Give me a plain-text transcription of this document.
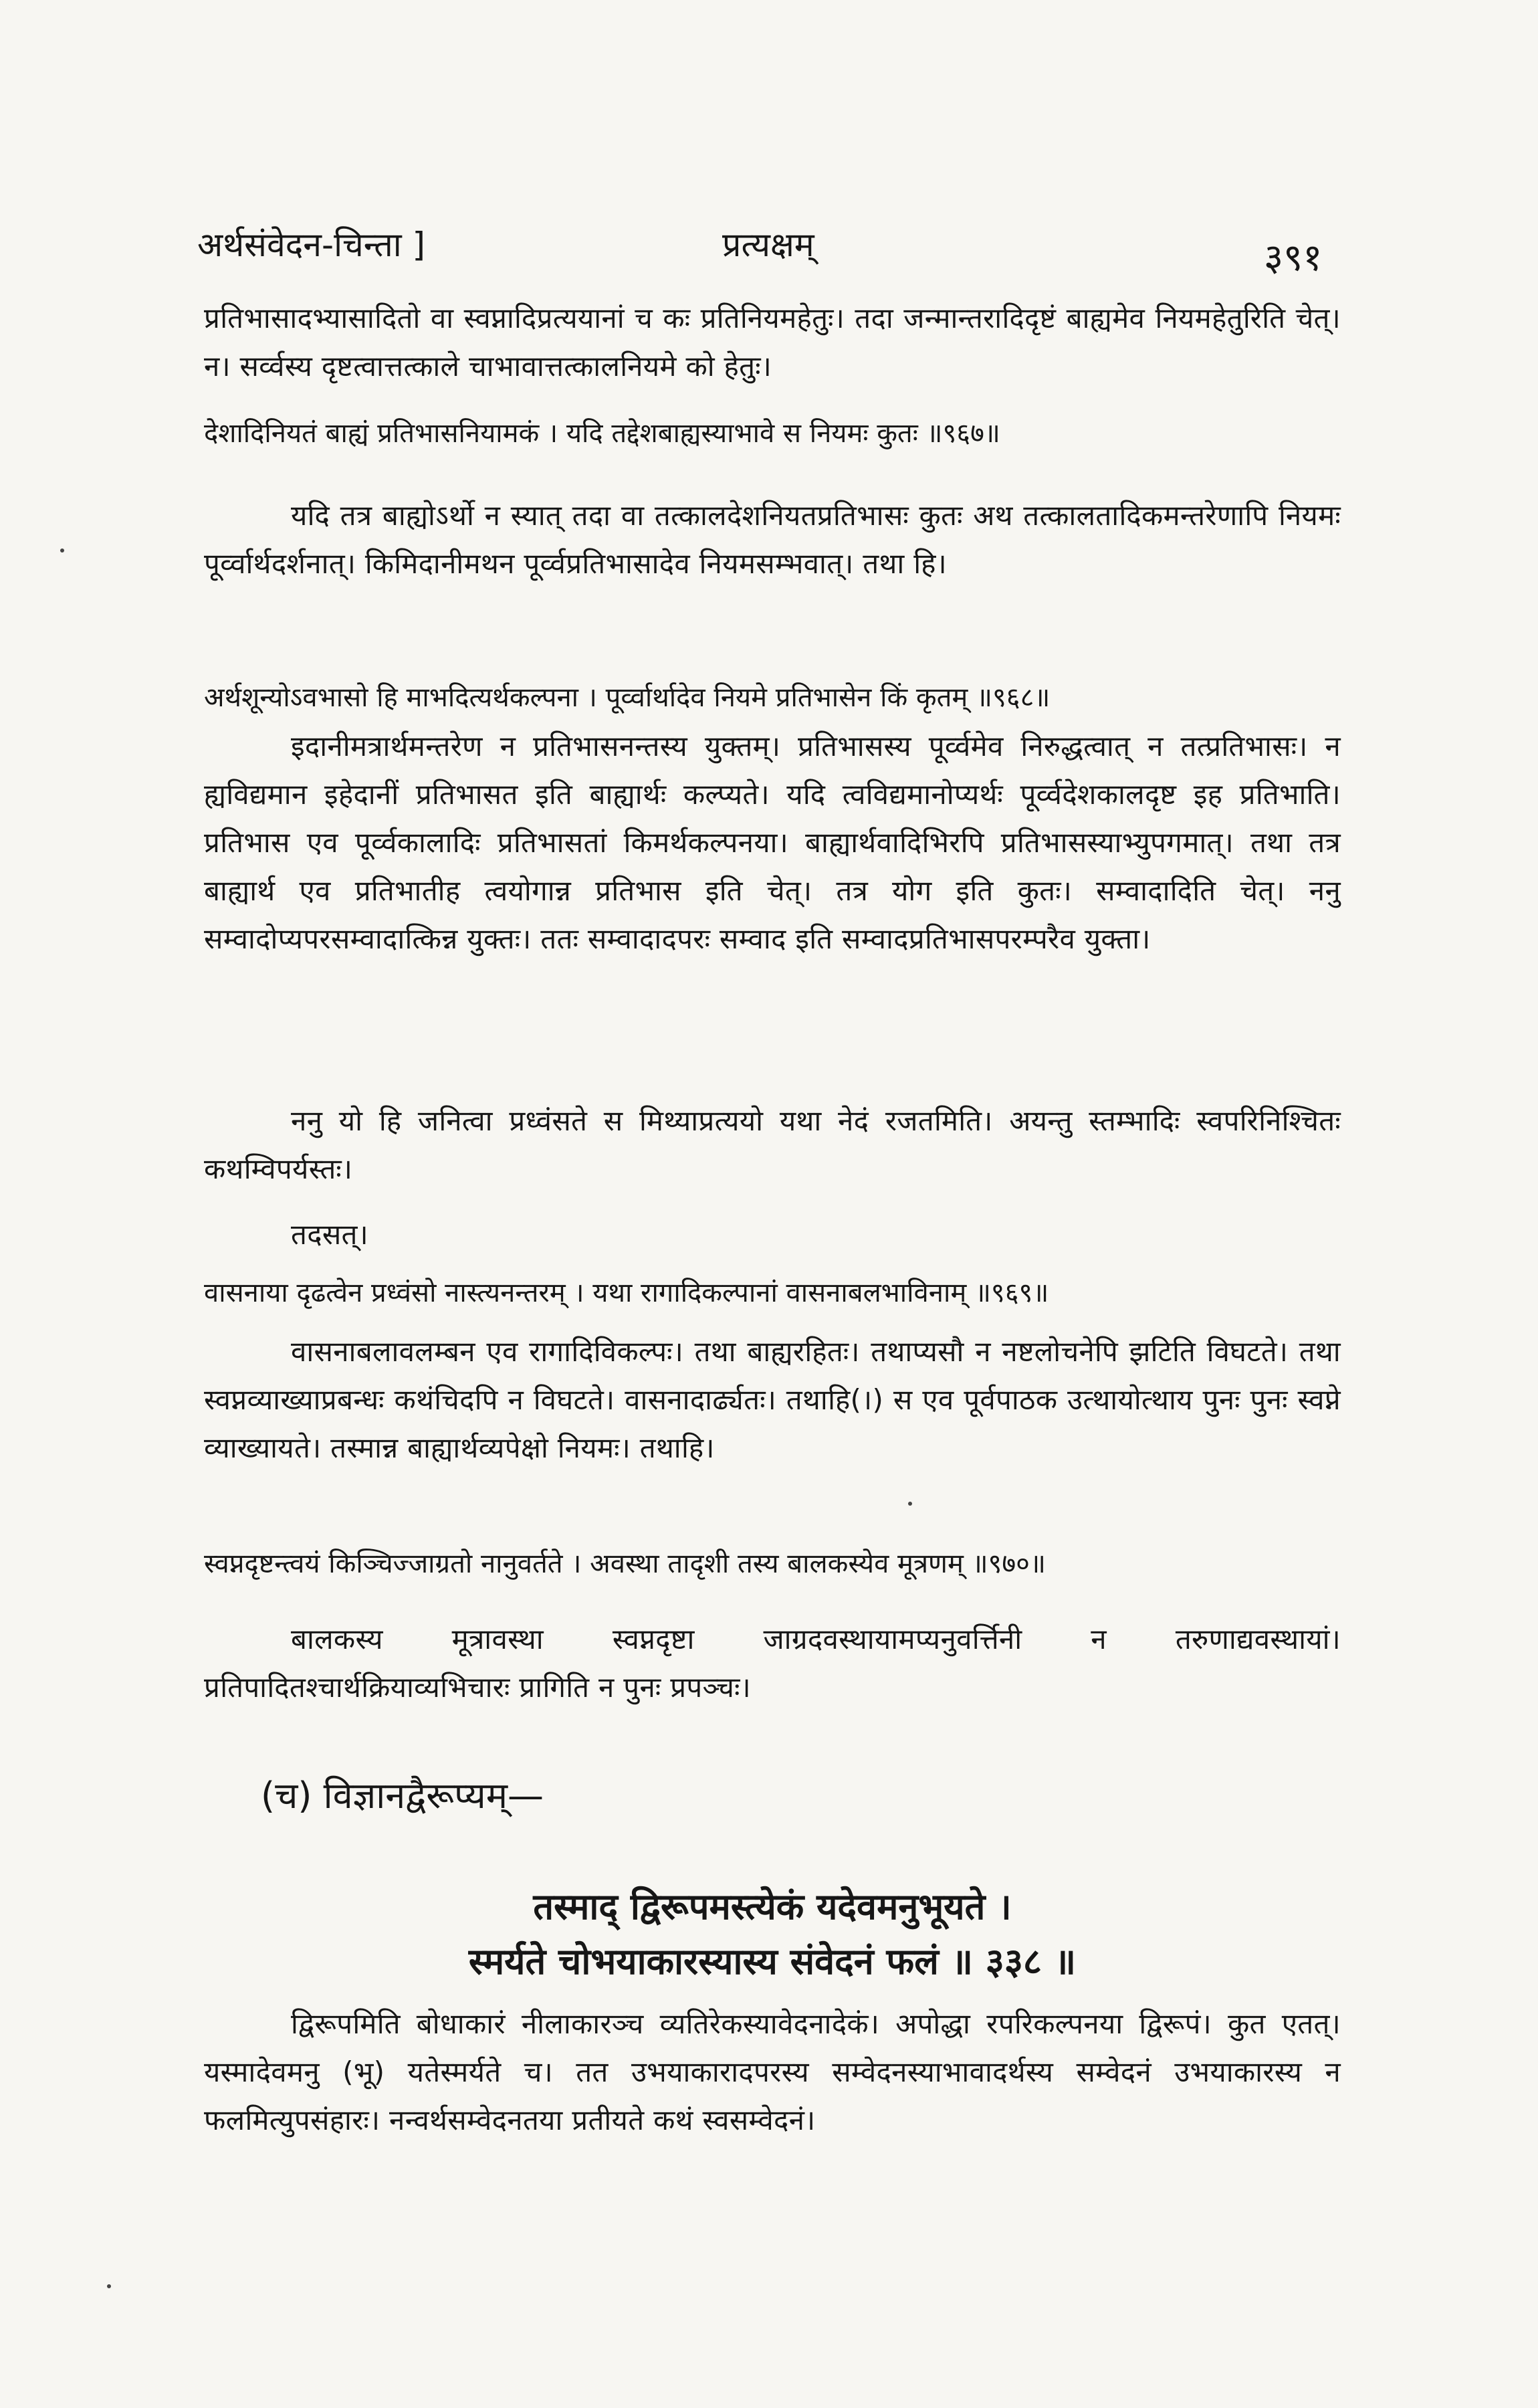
अर्थसंवेदन-चिन्ता ]	प्रत्यक्षम्	३९१
प्रतिभासादभ्यासादितो वा स्वप्नादिप्रत्ययानां च कः प्रतिनियमहेतुः। तदा जन्मान्तरादिदृष्टं बाह्यमेव नियमहेतुरिति चेत्। न। सर्व्वस्य दृष्टत्वात्तत्काले चाभावात्तत्कालनियमे को हेतुः।
देशादिनियतं बाह्यं प्रतिभासनियामकं । यदि तद्देशबाह्यस्याभावे स नियमः कुतः ॥९६७॥
यदि तत्र बाह्योऽर्थो न स्यात् तदा वा तत्कालदेशनियतप्रतिभासः कुतः अथ तत्कालतादिकमन्तरेणापि नियमः पूर्व्वार्थदर्शनात्। किमिदानीमथन पूर्व्वप्रतिभासादेव नियमसम्भवात्। तथा हि।
अर्थशून्योऽवभासो हि माभदित्यर्थकल्पना । पूर्व्वार्थादेव नियमे प्रतिभासेन किं कृतम् ॥९६८॥
इदानीमत्रार्थमन्तरेण न प्रतिभासनन्तस्य युक्तम्। प्रतिभासस्य पूर्व्वमेव निरुद्धत्वात् न तत्प्रतिभासः। न ह्यविद्यमान इहेदानीं प्रतिभासत इति बाह्यार्थः कल्प्यते। यदि त्वविद्यमानोप्यर्थः पूर्व्वदेशकालदृष्ट इह प्रतिभाति। प्रतिभास एव पूर्व्वकालादिः प्रतिभासतां किमर्थकल्पनया। बाह्यार्थवादिभिरपि प्रतिभासस्याभ्युपगमात्। तथा तत्र बाह्यार्थ एव प्रतिभातीह त्वयोगान्न प्रतिभास इति चेत्। तत्र योग इति कुतः। सम्वादादिति चेत्। ननु सम्वादोप्यपरसम्वादात्किन्न युक्तः। ततः सम्वादादपरः सम्वाद इति सम्वादप्रतिभासपरम्परैव युक्ता।
ननु यो हि जनित्वा प्रध्वंसते स मिथ्याप्रत्ययो यथा नेदं रजतमिति। अयन्तु स्तम्भादिः स्वपरिनिश्चितः कथम्विपर्यस्तः।
तदसत्।
वासनाया दृढत्वेन प्रध्वंसो नास्त्यनन्तरम् । यथा रागादिकल्पानां वासनाबलभाविनाम् ॥९६९॥
वासनाबलावलम्बन एव रागादिविकल्पः। तथा बाह्यरहितः। तथाप्यसौ न नष्टलोचनेपि झटिति विघटते। तथा स्वप्नव्याख्याप्रबन्धः कथंचिदपि न विघटते। वासनादार्ढ्यतः। तथाहि(।) स एव पूर्वपाठक उत्थायोत्थाय पुनः पुनः स्वप्ने व्याख्यायते। तस्मान्न बाह्यार्थव्यपेक्षो नियमः। तथाहि।
स्वप्नदृष्टन्त्वयं किञ्चिज्जाग्रतो नानुवर्तते । अवस्था तादृशी तस्य बालकस्येव मूत्रणम् ॥९७०॥
बालकस्य मूत्रावस्था स्वप्नदृष्टा जाग्रदवस्थायामप्यनुवर्त्तिनी न तरुणाद्यवस्थायां। प्रतिपादितश्चार्थक्रियाव्यभिचारः प्रागिति न पुनः प्रपञ्चः।
(च) विज्ञानद्वैरूप्यम्—
तस्माद् द्विरूपमस्त्येकं यदेवमनुभूयते ।
स्मर्यते चोभयाकारस्यास्य संवेदनं फलं ॥ ३३८ ॥
द्विरूपमिति बोधाकारं नीलाकारञ्च व्यतिरेकस्यावेदनादेकं। अपोद्धा रपरिकल्पनया द्विरूपं। कुत एतत्। यस्मादेवमनु (भू) यतेस्मर्यते च। तत उभयाकारादपरस्य सम्वेदनस्याभावादर्थस्य सम्वेदनं उभयाकारस्य न फलमित्युपसंहारः। नन्वर्थसम्वेदनतया प्रतीयते कथं स्वसम्वेदनं।
